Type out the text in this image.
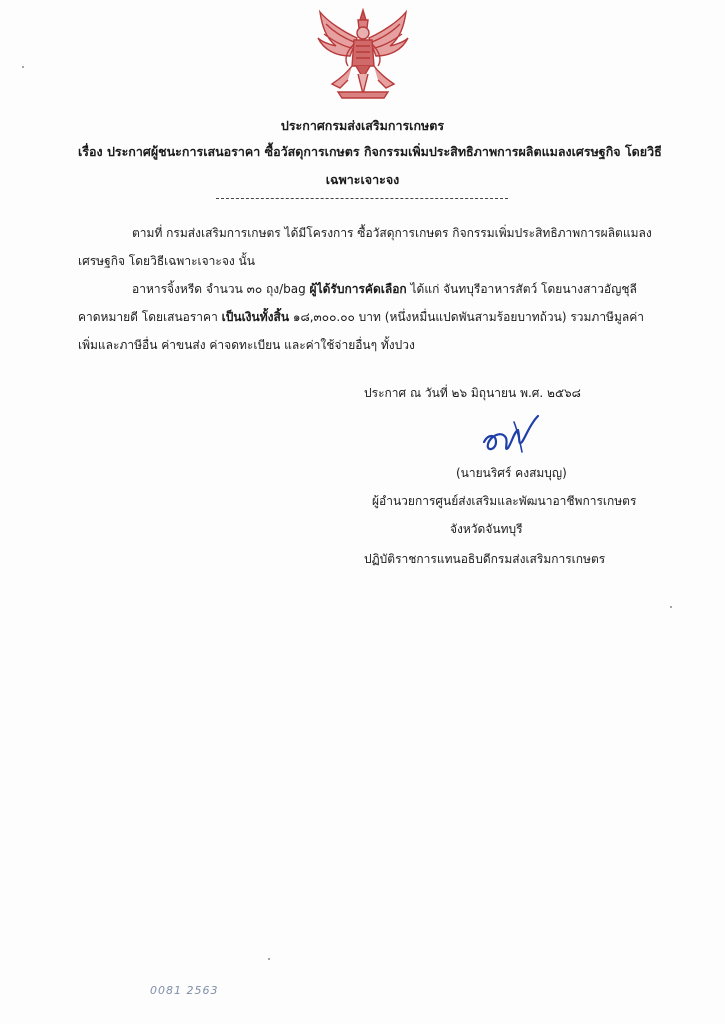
ประกาศกรมส่งเสริมการเกษตร
เรื่อง ประกาศผู้ชนะการเสนอราคา ซื้อวัสดุการเกษตร กิจกรรมเพิ่มประสิทธิภาพการผลิตแมลงเศรษฐกิจ โดยวิธี
เฉพาะเจาะจง
ตามที่ กรมส่งเสริมการเกษตร ได้มีโครงการ ซื้อวัสดุการเกษตร กิจกรรมเพิ่มประสิทธิภาพการผลิตแมลง
เศรษฐกิจ โดยวิธีเฉพาะเจาะจง นั้น
อาหารจิ้งหรีด จำนวน ๓๐ ถุง/bag ผู้ได้รับการคัดเลือก ได้แก่ จันทบุรีอาหารสัตว์ โดยนางสาวอัญชุลี
คาดหมายดี โดยเสนอราคา เป็นเงินทั้งสิ้น ๑๘,๓๐๐.๐๐ บาท (หนึ่งหมื่นแปดพันสามร้อยบาทถ้วน) รวมภาษีมูลค่า
เพิ่มและภาษีอื่น ค่าขนส่ง ค่าจดทะเบียน และค่าใช้จ่ายอื่นๆ ทั้งปวง
ประกาศ ณ วันที่ ๒๖ มิถุนายน พ.ศ. ๒๕๖๘
(นายนริศร์ คงสมบุญ)
ผู้อำนวยการศูนย์ส่งเสริมและพัฒนาอาชีพการเกษตร
จังหวัดจันทบุรี
ปฏิบัติราชการแทนอธิบดีกรมส่งเสริมการเกษตร
0081 2563
